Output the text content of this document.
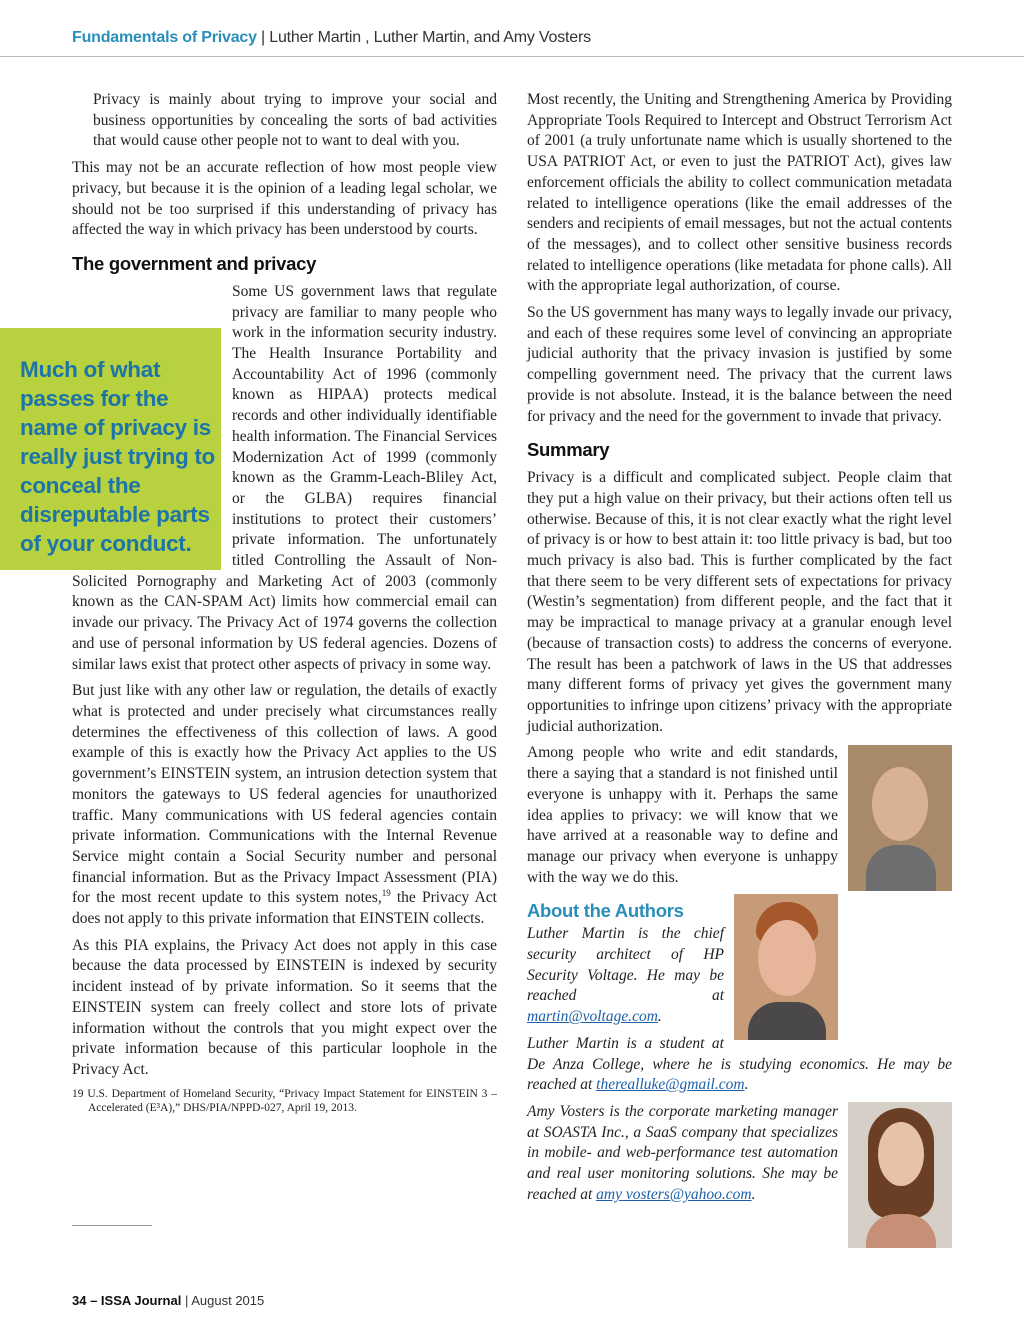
Fundamentals of Privacy | Luther Martin , Luther Martin, and Amy Vosters

Privacy is mainly about trying to improve your social and business opportunities by concealing the sorts of bad activities that would cause other people not to want to deal with you.

This may not be an accurate reflection of how most people view privacy, but because it is the opinion of a leading legal scholar, we should not be too surprised if this understanding of privacy has affected the way in which privacy has been understood by courts.

The government and privacy

Much of what passes for the name of privacy is really just trying to conceal the disreputable parts of your conduct.
Some US government laws that regulate privacy are familiar to many people who work in the information security industry. The Health Insurance Portability and Accountability Act of 1996 (commonly known as HIPAA) protects medical records and other individually identifiable health information. The Financial Services Modernization Act of 1999 (commonly known as the Gramm-Leach-Bliley Act, or the GLBA) requires financial institutions to protect their customers’ private information. The unfortunately titled Controlling the Assault of Non-Solicited Pornography and Marketing Act of 2003 (commonly known as the CAN-SPAM Act) limits how commercial email can invade our privacy. The Privacy Act of 1974 governs the collection and use of personal information by US federal agencies. Dozens of similar laws exist that protect other aspects of privacy in some way.

But just like with any other law or regulation, the details of exactly what is protected and under precisely what circumstances really determines the effectiveness of this collection of laws. A good example of this is exactly how the Privacy Act applies to the US government’s EINSTEIN system, an intrusion detection system that monitors the gateways to US federal agencies for unauthorized traffic. Many communications with US federal agencies contain private information. Communications with the Internal Revenue Service might contain a Social Security number and personal financial information. But as the Privacy Impact Assessment (PIA) for the most recent update to this system notes,$^{19}$ the Privacy Act does not apply to this private information that EINSTEIN collects.

As this PIA explains, the Privacy Act does not apply in this case because the data processed by EINSTEIN is indexed by security incident instead of by private information. So it seems that the EINSTEIN system can freely collect and store lots of private information without the controls that you might expect over the private information because of this particular loophole in the Privacy Act.

19 U.S. Department of Homeland Security, “Privacy Impact Statement for EINSTEIN 3 – Accelerated (E³A),” DHS/PIA/NPPD-027, April 19, 2013.

Most recently, the Uniting and Strengthening America by Providing Appropriate Tools Required to Intercept and Obstruct Terrorism Act of 2001 (a truly unfortunate name which is usually shortened to the USA PATRIOT Act, or even to just the PATRIOT Act), gives law enforcement officials the ability to collect communication metadata related to intelligence operations (like the email addresses of the senders and recipients of email messages, but not the actual contents of the messages), and to collect other sensitive business records related to intelligence operations (like metadata for phone calls). All with the appropriate legal authorization, of course.

So the US government has many ways to legally invade our privacy, and each of these requires some level of convincing an appropriate judicial authority that the privacy invasion is justified by some compelling government need. The privacy that the current laws provide is not absolute. Instead, it is the balance between the need for privacy and the need for the government to invade that privacy.

Summary

Privacy is a difficult and complicated subject. People claim that they put a high value on their privacy, but their actions often tell us otherwise. Because of this, it is not clear exactly what the right level of privacy is or how to best attain it: too little privacy is bad, but too much privacy is also bad. This is further complicated by the fact that there seem to be very different sets of expectations for privacy (Westin’s segmentation) from different people, and the fact that it may be impractical to manage privacy at a granular enough level (because of transaction costs) to address the concerns of everyone. The result has been a patchwork of laws in the US that addresses many different forms of privacy yet gives the government many opportunities to infringe upon citizens’ privacy with the appropriate judicial authorization.

Among people who write and edit standards, there a saying that a standard is not finished until everyone is unhappy with it. Perhaps the same idea applies to privacy: we will know that we have arrived at a reasonable way to define and manage our privacy when everyone is unhappy with the way we do this.

About the Authors

Luther Martin is the chief security architect of HP Security Voltage. He may be reached at martin@voltage.com.

Luther Martin is a student at De Anza College, where he is studying economics. He may be reached at therealluke@gmail.com.

Amy Vosters is the corporate marketing manager at SOASTA Inc., a SaaS company that specializes in mobile- and web-performance test automation and real user monitoring solutions. She may be reached at amy vosters@yahoo.com.

34 – ISSA Journal | August 2015
